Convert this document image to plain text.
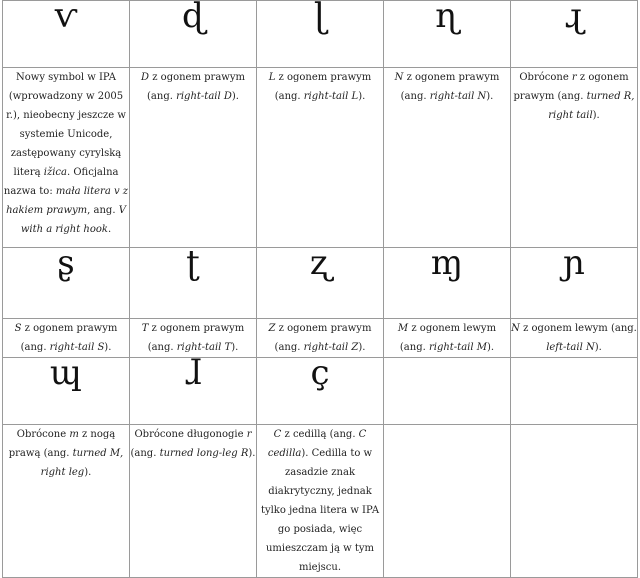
ⱱ	ɖ	ɭ	ɳ	ɻ

Nowy symbol w IPA (wprowadzony w 2005 r.), nieobecny jeszcze w systemie Unicode, zastępowany cyrylską literą ižica. Oficjalna nazwa to: mała litera v z hakiem prawym, ang. V with a right hook.	D z ogonem prawym (ang. right-tail D).	L z ogonem prawym (ang. right-tail L).	N z ogonem prawym (ang. right-tail N).	Obrócone r z ogonem prawym (ang. turned R, right tail).

ʂ	ʈ	ʐ	ɱ	ɲ

S z ogonem prawym (ang. right-tail S).	T z ogonem prawym (ang. right-tail T).	Z z ogonem prawym (ang. right-tail Z).	M z ogonem lewym (ang. right-tail M).	N z ogonem lewym (ang. left-tail N).

ɰ	ɺ	ç		

Obrócone m z nogą prawą (ang. turned M, right leg).	Obrócone długonogie r (ang. turned long-leg R).	C z cedillą (ang. C cedilla). Cedilla to w zasadzie znak diakrytyczny, jednak tylko jedna litera w IPA go posiada, więc umieszczam ją w tym miejscu.		
